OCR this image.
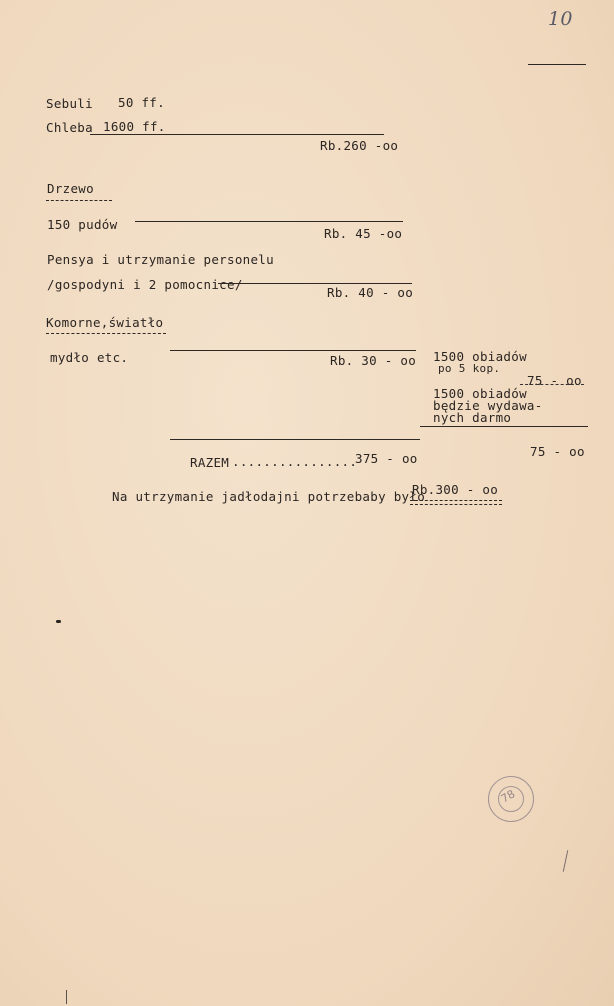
10
Sebuli 50 ff.
Chleba 1600 ff.
Rb.260 -oo
Drzewo
150 pudów
Rb. 45 -oo
Pensya i utrzymanie personelu
/gospodyni i 2 pomocnice/
Rb. 40 - oo
Komorne,światło
mydło etc.	Rb. 30 - oo 1500 obiadów
po 5 kop.
75 - oo
1500 obiadów
będzie wydawa-
nych darmo
RAZEM ................
375 - oo	75 - oo
Na utrzymanie jadłodajni potrzebaby było
Rb.300 - oo
78
